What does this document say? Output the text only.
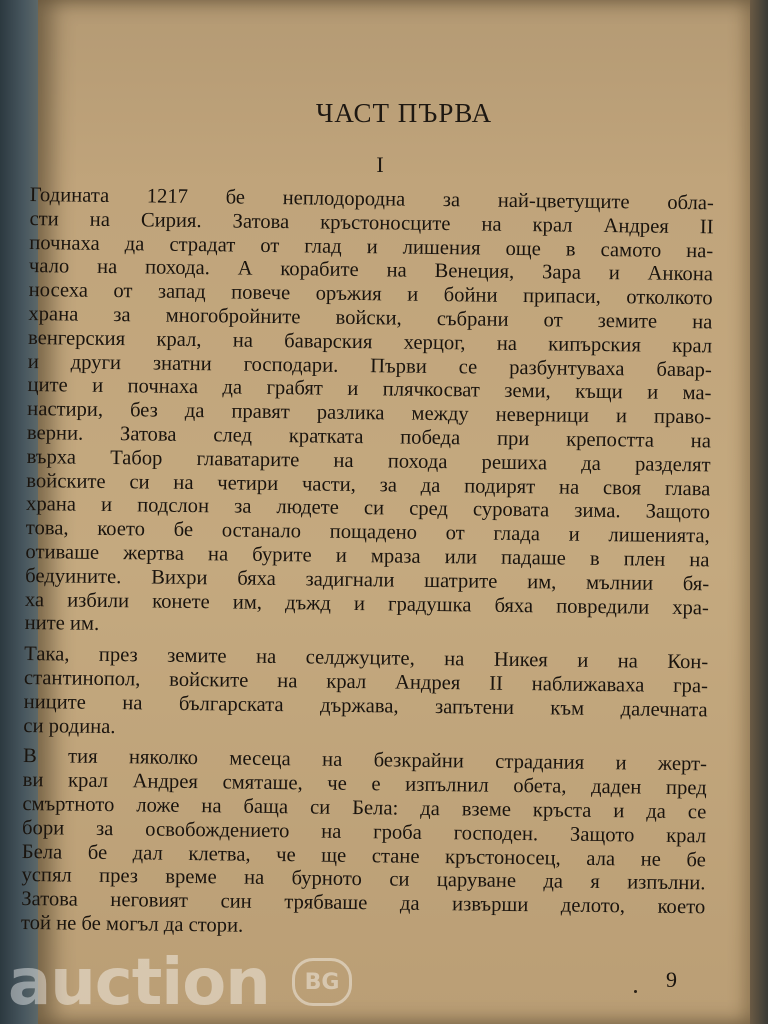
ЧАСТ ПЪРВА
I
Годината 1217 бе неплодородна за най-цветущите обла-
сти на Сирия. Затова кръстоносците на крал Андрея II
почнаха да страдат от глад и лишения още в самото на-
чало на похода. А корабите на Венеция, Зара и Анкона
носеха от запад повече оръжия и бойни припаси, отколкото
храна за многобройните войски, събрани от земите на
венгерския крал, на баварския херцог, на кипърския крал
и други знатни господари. Първи се разбунтуваха бавар-
ците и почнаха да грабят и плячкосват земи, къщи и ма-
настири, без да правят разлика между неверници и право-
верни. Затова след кратката победа при крепостта на
върха Табор главатарите на похода решиха да разделят
войските си на четири части, за да подирят на своя глава
храна и подслон за людете си сред суровата зима. Защото
това, което бе останало пощадено от глада и лишенията,
отиваше жертва на бурите и мраза или падаше в плен на
бедуините. Вихри бяха задигнали шатрите им, мълнии бя-
ха избили конете им, дъжд и градушка бяха повредили хра-
ните им.
Така, през земите на селджуците, на Никея и на Кон-
стантинопол, войските на крал Андрея II наближаваха гра-
ниците на българската държава, запътени към далечната
си родина.
В тия няколко месеца на безкрайни страдания и жерт-
ви крал Андрея смяташе, че е изпълнил обета, даден пред
смъртното ложе на баща си Бела: да вземе кръста и да се
бори за освобождението на гроба господен. Защото крал
Бела бе дал клетва, че ще стане кръстоносец, ала не бе
успял през време на бурното си царуване да я изпълни.
Затова неговият син трябваше да извърши делото, което
той не бе могъл да стори.
9
auction	BG
